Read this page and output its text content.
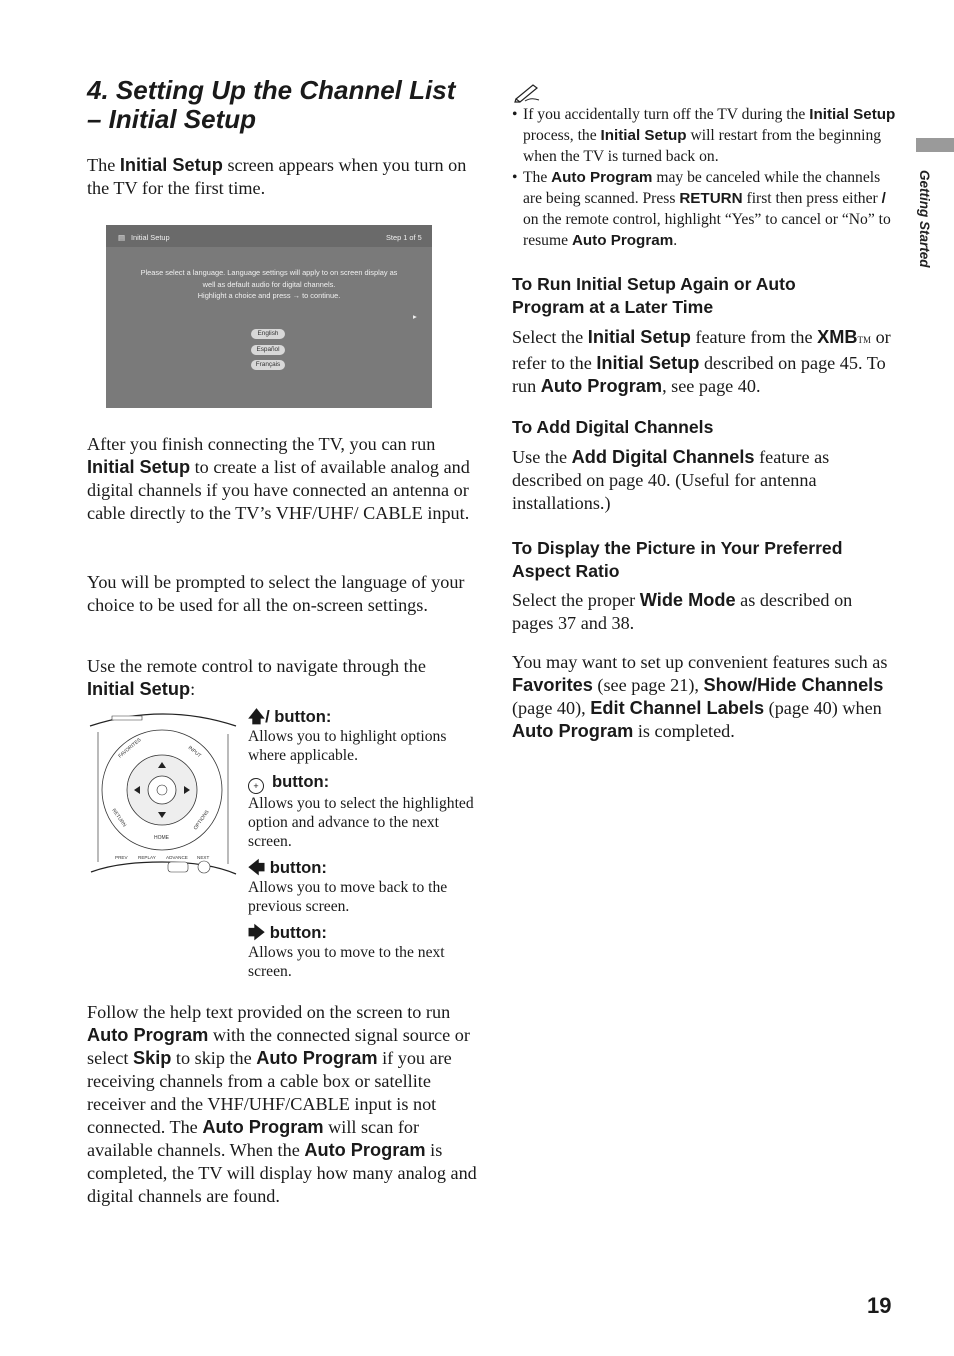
4. Setting Up the Channel List
– Initial Setup

The Initial Setup screen appears when you turn on the TV for the first time.

▤ Initial Setup	Step 1 of 5
Please select a language. Language settings will apply to on screen display as
well as default audio for digital channels.
Highlight a choice and press → to continue.
▸
English
Español
Français

After you finish connecting the TV, you can run Initial Setup to create a list of available analog and digital channels if you have connected an antenna or cable directly to the TV’s VHF/UHF/ CABLE input.

You will be prompted to select the language of your choice to be used for all the on-screen settings.

Use the remote control to navigate through the Initial Setup:

FAVORITES	INPUT
RETURN	OPTIONS
HOME
PREV REPLAY ADVANCE NEXT
🡅/ button:
Allows you to highlight options where applicable.
+ button:
Allows you to select the highlighted option and advance to the next screen.
🡄 button:
Allows you to move back to the previous screen.
🡆 button:
Allows you to move to the next screen.

Follow the help text provided on the screen to run Auto Program with the connected signal source or select Skip to skip the Auto Program if you are receiving channels from a cable box or satellite receiver and the VHF/UHF/CABLE input is not connected. The Auto Program will scan for available channels. When the Auto Program is completed, the TV will display how many analog and digital channels are found.

• If you accidentally turn off the TV during the Initial Setup process, the Initial Setup will restart from the beginning when the TV is turned back on.
• The Auto Program may be canceled while the channels are being scanned. Press RETURN first then press either / on the remote control, highlight “Yes” to cancel or “No” to resume Auto Program.
To Run Initial Setup Again or Auto Program at a Later Time

Select the Initial Setup feature from the XMBTM or refer to the Initial Setup described on page 45. To run Auto Program, see page 40.

To Add Digital Channels

Use the Add Digital Channels feature as described on page 40. (Useful for antenna installations.)

To Display the Picture in Your Preferred Aspect Ratio

Select the proper Wide Mode as described on pages 37 and 38.

You may want to set up convenient features such as Favorites (see page 21), Show/Hide Channels (page 40), Edit Channel Labels (page 40) when Auto Program is completed.

Getting Started
19
